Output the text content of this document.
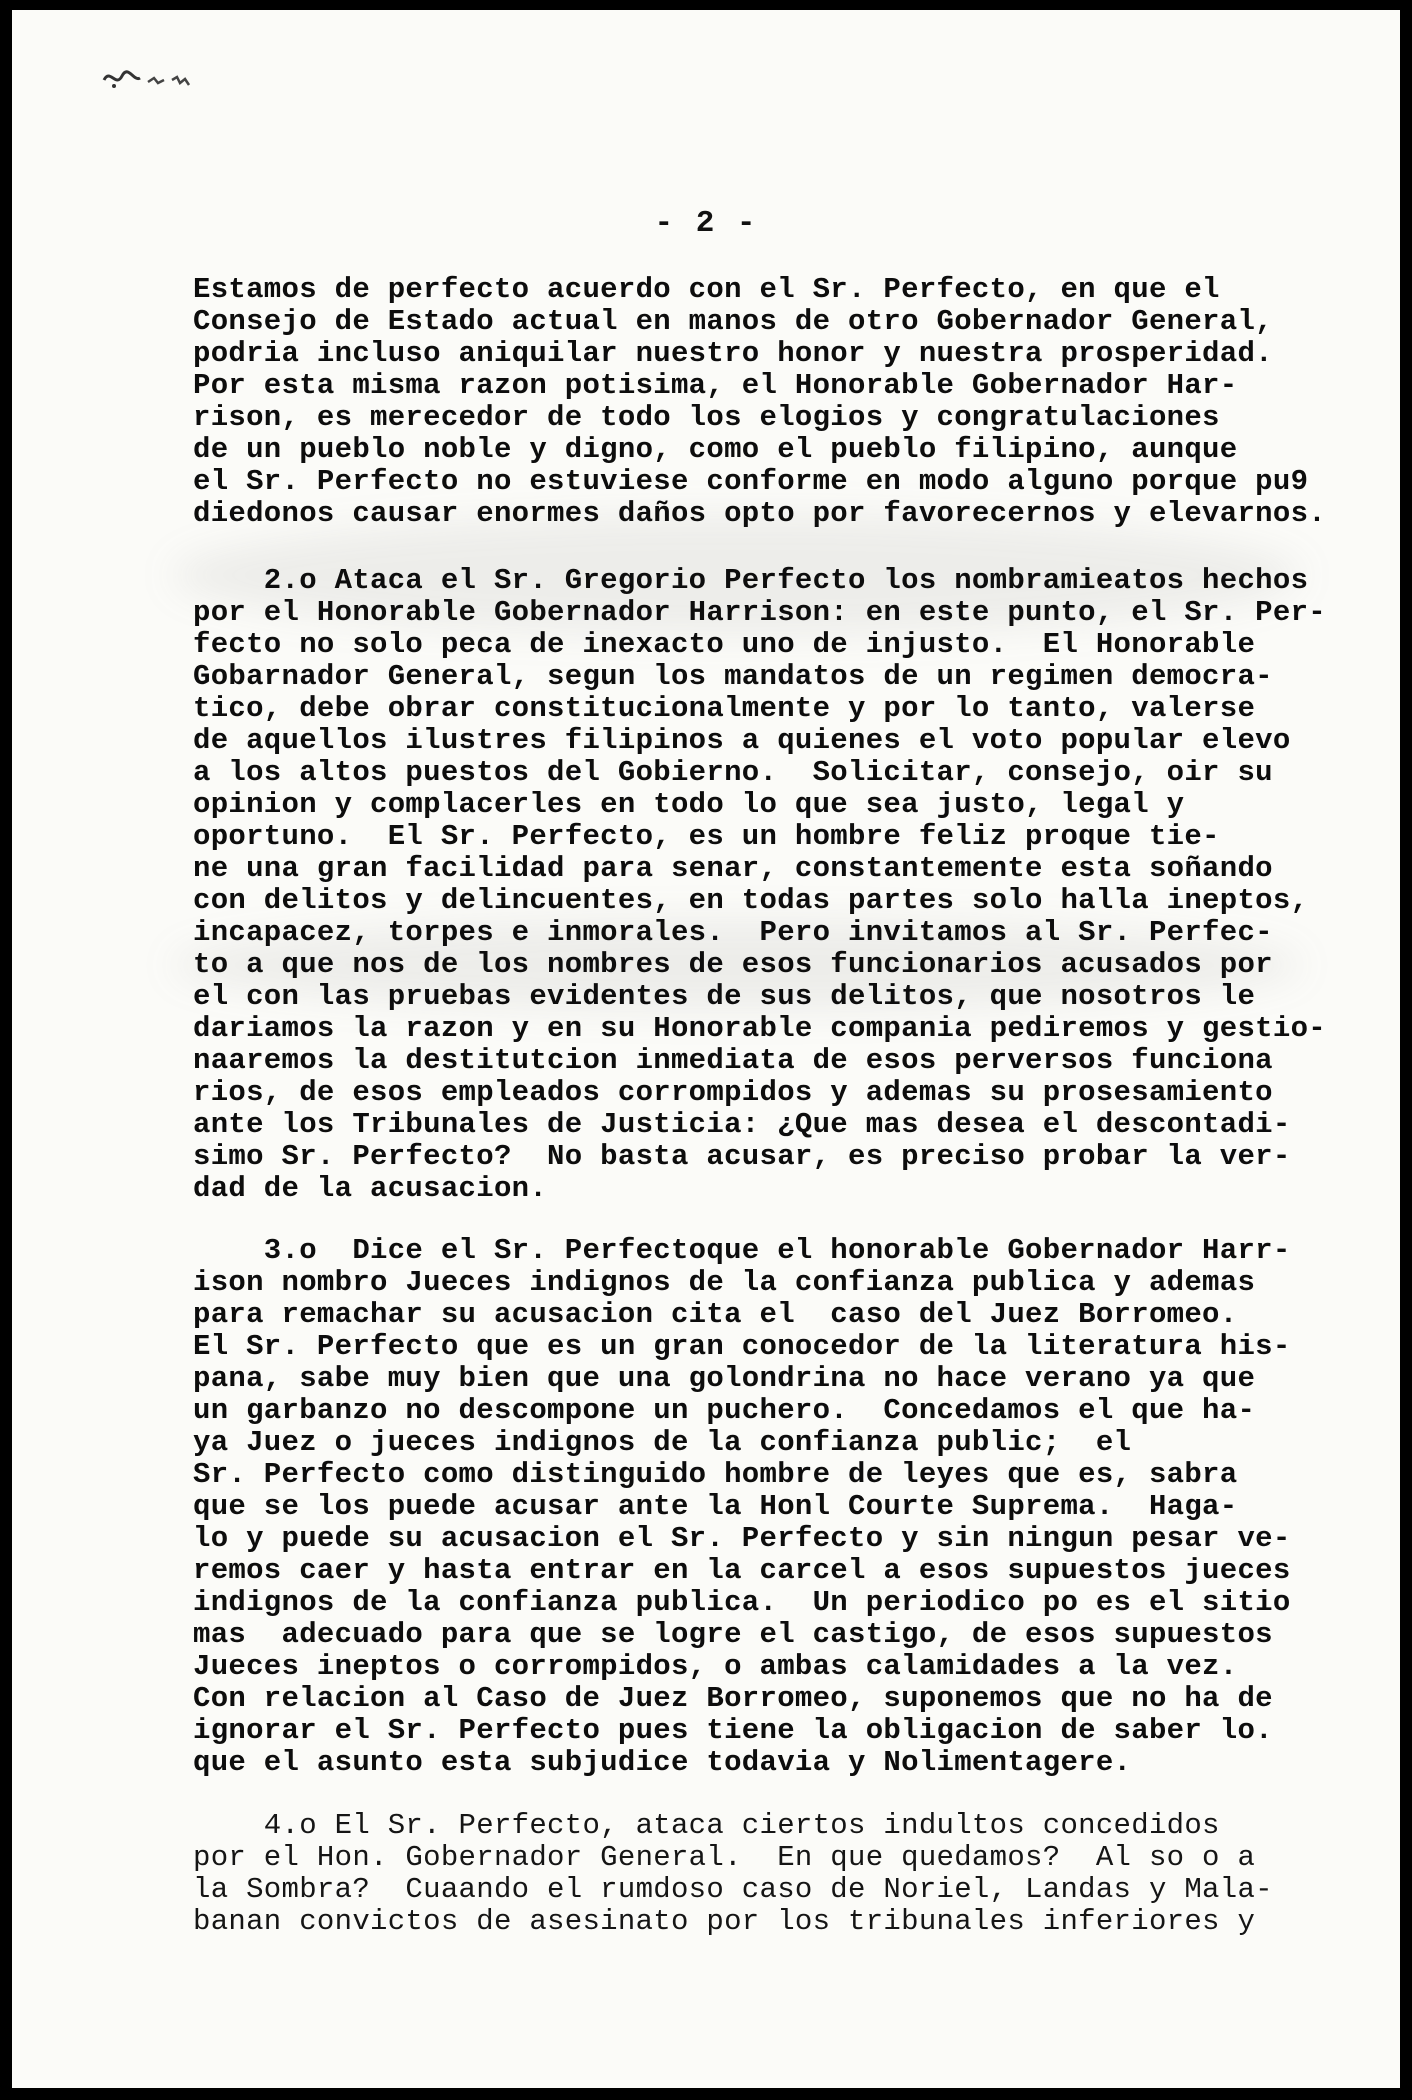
- 2 -
Estamos de perfecto acuerdo con el Sr. Perfecto, en que el
Consejo de Estado actual en manos de otro Gobernador General,
podria incluso aniquilar nuestro honor y nuestra prosperidad.
Por esta misma razon potisima, el Honorable Gobernador Har-
rison, es merecedor de todo los elogios y congratulaciones
de un pueblo noble y digno, como el pueblo filipino, aunque
el Sr. Perfecto no estuviese conforme en modo alguno porque pu9
diedonos causar enormes daños opto por favorecernos y elevarnos.
2.o Ataca el Sr. Gregorio Perfecto los nombramieatos hechos
por el Honorable Gobernador Harrison: en este punto, el Sr. Per-
fecto no solo peca de inexacto uno de injusto.  El Honorable
Gobarnador General, segun los mandatos de un regimen democra-
tico, debe obrar constitucionalmente y por lo tanto, valerse
de aquellos ilustres filipinos a quienes el voto popular elevo
a los altos puestos del Gobierno.  Solicitar, consejo, oir su
opinion y complacerles en todo lo que sea justo, legal y
oportuno.  El Sr. Perfecto, es un hombre feliz proque tie-
ne una gran facilidad para senar, constantemente esta soñando
con delitos y delincuentes, en todas partes solo halla ineptos,
incapacez, torpes e inmorales.  Pero invitamos al Sr. Perfec-
to a que nos de los nombres de esos funcionarios acusados por
el con las pruebas evidentes de sus delitos, que nosotros le
dariamos la razon y en su Honorable compania pediremos y gestio-
naaremos la destitutcion inmediata de esos perversos funciona
rios, de esos empleados corrompidos y ademas su prosesamiento
ante los Tribunales de Justicia: ¿Que mas desea el descontadi-
simo Sr. Perfecto?  No basta acusar, es preciso probar la ver-
dad de la acusacion.
3.o  Dice el Sr. Perfectoque el honorable Gobernador Harr-
ison nombro Jueces indignos de la confianza publica y ademas
para remachar su acusacion cita el  caso del Juez Borromeo.
El Sr. Perfecto que es un gran conocedor de la literatura his-
pana, sabe muy bien que una golondrina no hace verano ya que
un garbanzo no descompone un puchero.  Concedamos el que ha-
ya Juez o jueces indignos de la confianza public;  el
Sr. Perfecto como distinguido hombre de leyes que es, sabra
que se los puede acusar ante la Honl Courte Suprema.  Haga-
lo y puede su acusacion el Sr. Perfecto y sin ningun pesar ve-
remos caer y hasta entrar en la carcel a esos supuestos jueces
indignos de la confianza publica.  Un periodico po es el sitio
mas  adecuado para que se logre el castigo, de esos supuestos
Jueces ineptos o corrompidos, o ambas calamidades a la vez.
Con relacion al Caso de Juez Borromeo, suponemos que no ha de
ignorar el Sr. Perfecto pues tiene la obligacion de saber lo.
que el asunto esta subjudice todavia y Nolimentagere.
4.o El Sr. Perfecto, ataca ciertos indultos concedidos
por el Hon. Gobernador General.  En que quedamos?  Al so o a
la Sombra?  Cuaando el rumdoso caso de Noriel, Landas y Mala-
banan convictos de asesinato por los tribunales inferiores y
